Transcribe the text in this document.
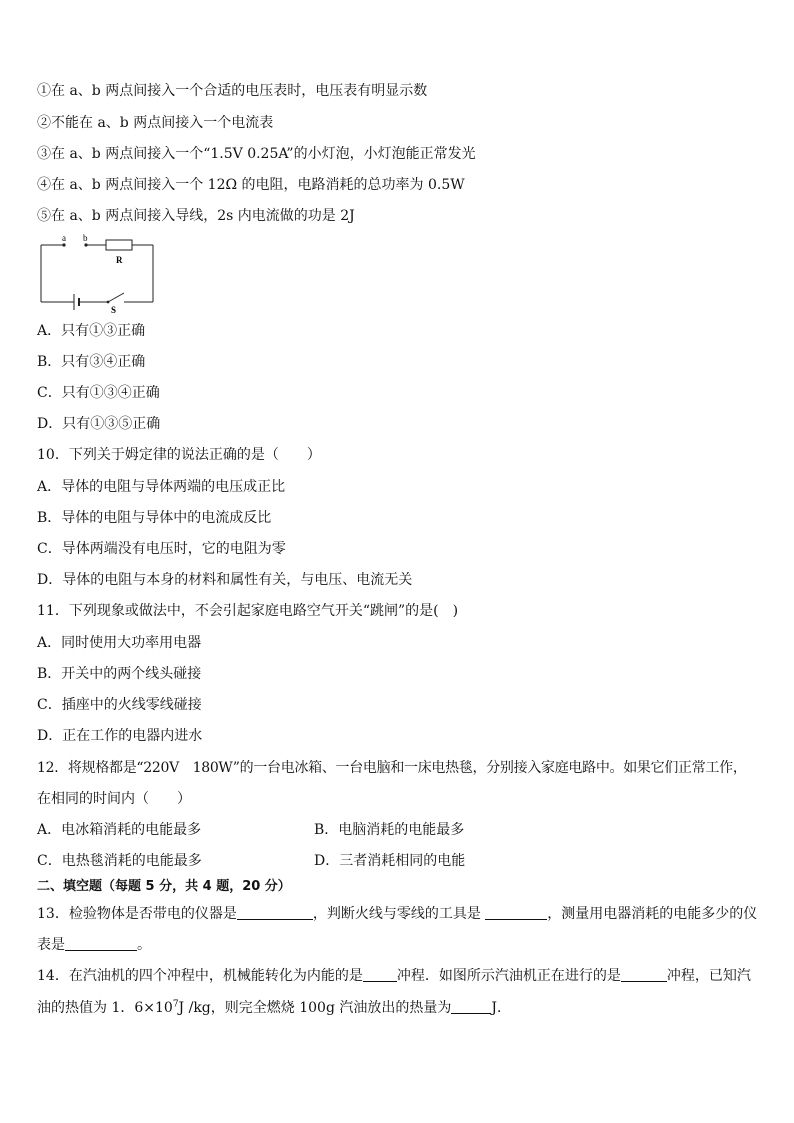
①在 a、b 两点间接入一个合适的电压表时，电压表有明显示数
②不能在 a、b 两点间接入一个电流表
③在 a、b 两点间接入一个“1.5V 0.25A”的小灯泡，小灯泡能正常发光
④在 a、b 两点间接入一个 12Ω 的电阻，电路消耗的总功率为 0.5W
⑤在 a、b 两点间接入导线，2s 内电流做的功是 2J
a b
R
S
A．只有①③正确
B．只有③④正确
C．只有①③④正确
D．只有①③⑤正确
10．下列关于姆定律的说法正确的是（　　）
A．导体的电阻与导体两端的电压成正比
B．导体的电阻与导体中的电流成反比
C．导体两端没有电压时，它的电阻为零
D．导体的电阻与本身的材料和属性有关，与电压、电流无关
11．下列现象或做法中，不会引起家庭电路空气开关“跳闸”的是(　)
A．同时使用大功率用电器
B．开关中的两个线头碰接
C．插座中的火线零线碰接
D．正在工作的电器内进水
12．将规格都是“220V　180W”的一台电冰箱、一台电脑和一床电热毯，分别接入家庭电路中。如果它们正常工作，
在相同的时间内（　　）
A．电冰箱消耗的电能最多	B．电脑消耗的电能最多
C．电热毯消耗的电能最多	D．三者消耗相同的电能
二、填空题（每题 5 分，共 4 题，20 分）
13．检验物体是否带电的仪器是	，判断火线与零线的工具是	，测量用电器消耗的电能多少的仪
表是	。
14．在汽油机的四个冲程中，机械能转化为内能的是 冲程．如图所示汽油机正在进行的是	冲程，已知汽
油的热值为 1．$6\times 10^7J$ /kg，则完全燃烧 100g 汽油放出的热量为	J．
